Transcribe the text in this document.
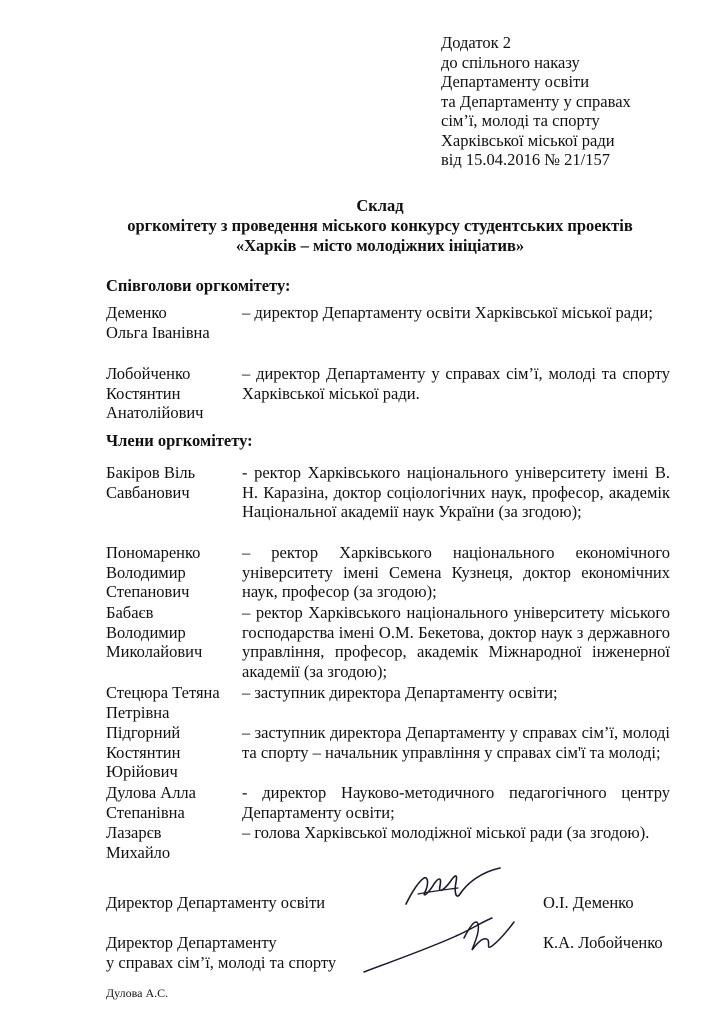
Додаток 2
до спільного наказу
Департаменту освіти
та Департаменту у справах
сім’ї, молоді та спорту
Харківської міської ради
від 15.04.2016 № 21/157
Склад
оргкомітету з проведення міського конкурсу студентських проектів
«Харків – місто молодіжних ініціатив»
Співголови оргкомітету:
Деменко
Ольга Іванівна
– директор Департаменту освіти Харківської міської ради;
Лобойченко
Костянтин
Анатолійович
– директор Департаменту у справах сім’ї, молоді та спорту Харківської міської ради.
Члени оргкомітету:
Бакіров Віль
Савбанович
- ректор Харківського національного університету імені В. Н. Каразіна, доктор соціологічних наук, професор, академік Національної академії наук України (за згодою);
Пономаренко
Володимир
Степанович
– ректор Харківського національного економічного університету імені Семена Кузнеця, доктор економічних наук, професор (за згодою);
Бабаєв
Володимир
Миколайович
– ректор Харківського національного університету міського господарства імені О.М. Бекетова, доктор наук з державного управління, професор, академік Міжнародної інженерної академії (за згодою);
Стецюра Тетяна
Петрівна
– заступник директора Департаменту освіти;
Підгорний
Костянтин
Юрійович
– заступник директора Департаменту у справах сім’ї, молоді та спорту – начальник управління у справах сім'ї та молоді;
Дулова Алла
Степанівна
- директор Науково-методичного педагогічного центру Департаменту освіти;
Лазарєв
Михайло
– голова Харківської молодіжної міської ради (за згодою).
Директор Департаменту освіти	О.І. Деменко
Директор Департаменту
у справах сім’ї, молоді та спорту
К.А. Лобойченко
Дулова А.С.
